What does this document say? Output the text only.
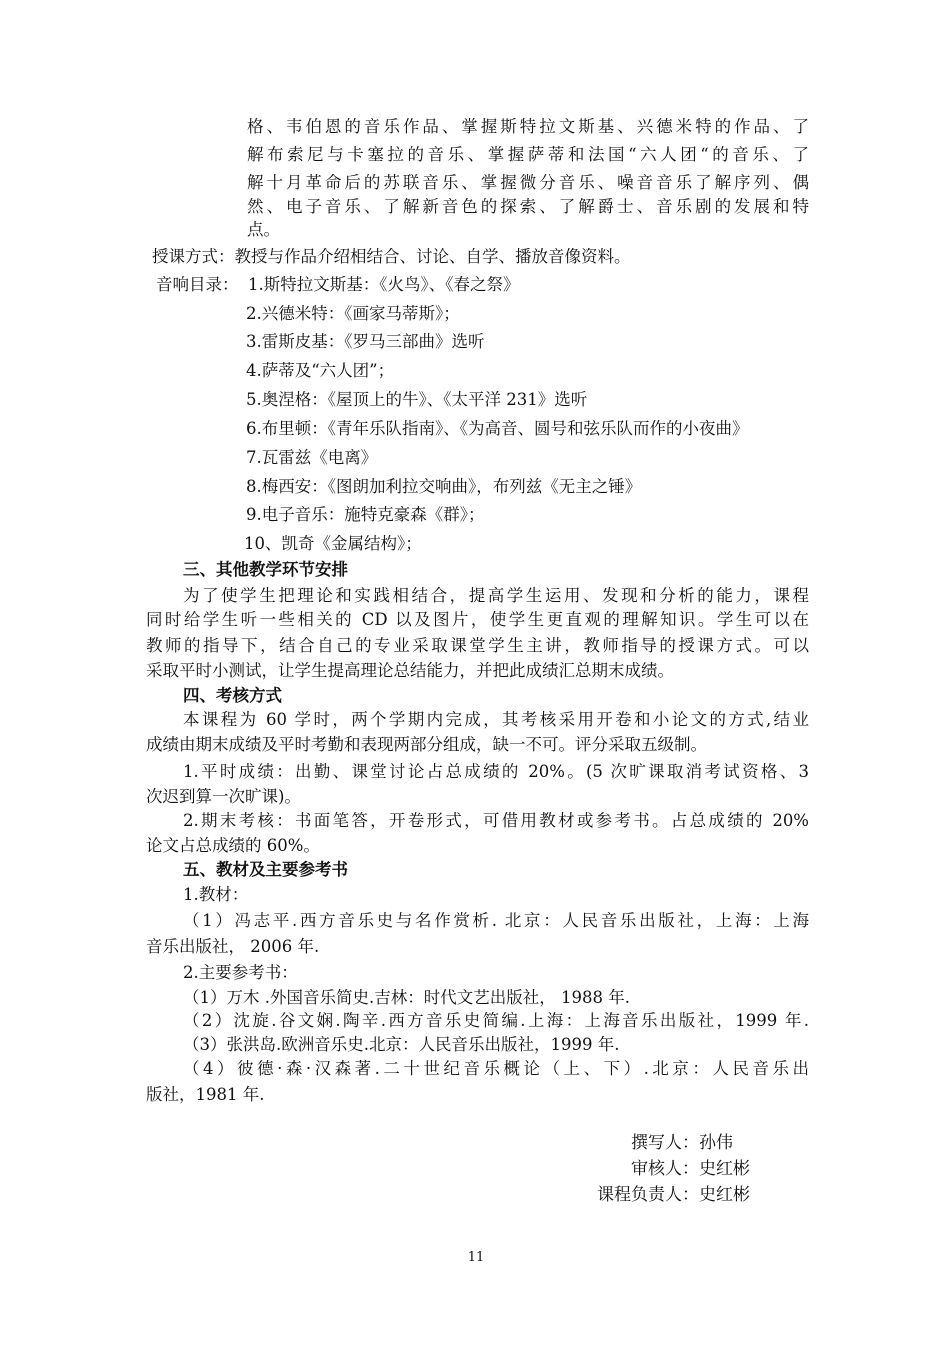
格、韦伯恩的音乐作品、掌握斯特拉文斯基、兴德米特的作品、了
解布索尼与卡塞拉的音乐、掌握萨蒂和法国“六人团“的音乐、了
解十月革命后的苏联音乐、掌握微分音乐、噪音音乐了解序列、偶
然、电子音乐、了解新音色的探索、了解爵士、音乐剧的发展和特
点。
授课方式：教授与作品介绍相结合、讨论、自学、播放音像资料。
音响目录： 1.斯特拉文斯基：《火鸟》、《春之祭》
2.兴德米特：《画家马蒂斯》；
3.雷斯皮基：《罗马三部曲》选听
4.萨蒂及“六人团”；
5.奥涅格：《屋顶上的牛》、《太平洋 231》选听
6.布里顿：《青年乐队指南》、《为高音、圆号和弦乐队而作的小夜曲》
7.瓦雷兹《电离》
8.梅西安：《图朗加利拉交响曲》，布列兹《无主之锤》
9.电子音乐：施特克豪森《群》；
10、凯奇《金属结构》；
三、其他教学环节安排
为了使学生把理论和实践相结合，提高学生运用、发现和分析的能力，课程
同时给学生听一些相关的 CD 以及图片，使学生更直观的理解知识。学生可以在
教师的指导下，结合自己的专业采取课堂学生主讲，教师指导的授课方式。可以
采取平时小测试，让学生提高理论总结能力，并把此成绩汇总期末成绩。
四、考核方式
本课程为 60 学时，两个学期内完成，其考核采用开卷和小论文的方式,结业
成绩由期末成绩及平时考勤和表现两部分组成，缺一不可。评分采取五级制。
1.平时成绩：出勤、课堂讨论占总成绩的 20%。(5 次旷课取消考试资格、3
次迟到算一次旷课)。
2.期末考核：书面笔答，开卷形式，可借用教材或参考书。占总成绩的 20%
论文占总成绩的 60%。
五、教材及主要参考书
1.教材：
（1）冯志平.西方音乐史与名作赏析. 北京：人民音乐出版社，上海：上海
音乐出版社， 2006 年.
2.主要参考书：
（1）万木 .外国音乐简史.吉林：时代文艺出版社， 1988 年.
（2）沈旋.谷文娴.陶辛.西方音乐史简编.上海：上海音乐出版社，1999 年.
（3）张洪岛.欧洲音乐史.北京：人民音乐出版社，1999 年.
（4）彼德·森·汉森著.二十世纪音乐概论（上、下）.北京：人民音乐出
版社，1981 年.
撰写人：孙伟
审核人：史红彬
课程负责人：史红彬
11
